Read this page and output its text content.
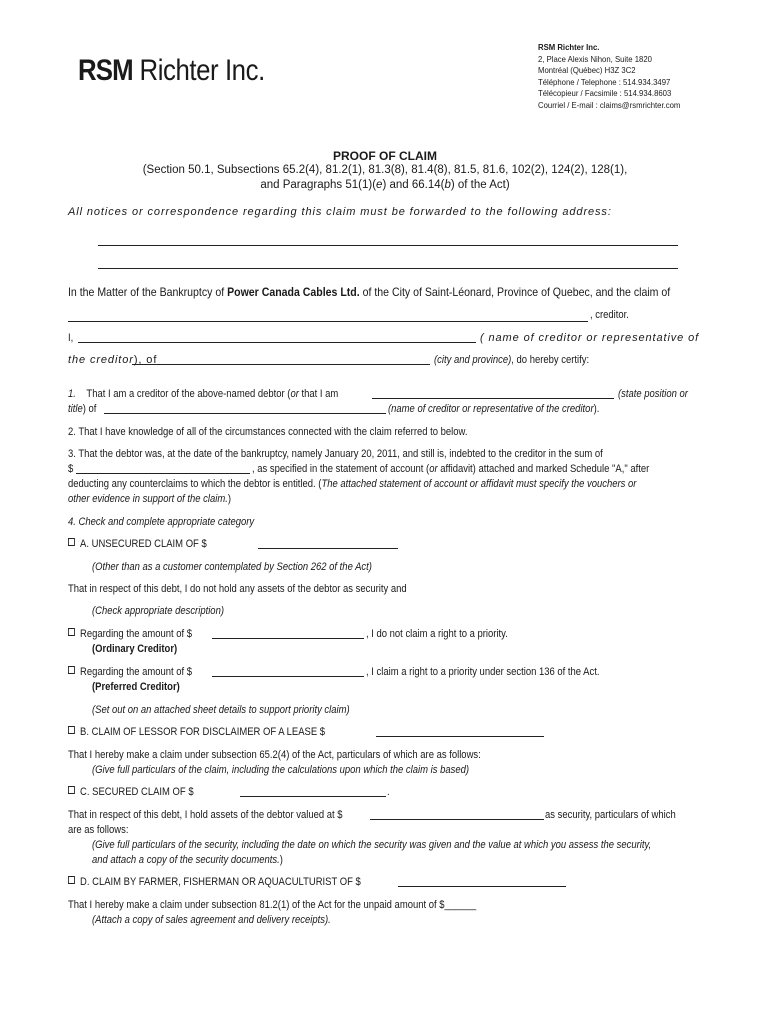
RSM Richter Inc.
RSM Richter Inc.
2, Place Alexis Nihon, Suite 1820
Montréal (Québec) H3Z 3C2
Téléphone / Telephone : 514.934.3497
Télécopieur / Facsimile : 514.934.8603
Courriel / E-mail : claims@rsmrichter.com
PROOF OF CLAIM
(Section 50.1, Subsections 65.2(4), 81.2(1), 81.3(8), 81.4(8), 81.5, 81.6, 102(2), 124(2), 128(1),
and Paragraphs 51(1)(e) and 66.14(b) of the Act)
All notices or correspondence regarding this claim must be forwarded to the following address:
In the Matter of the Bankruptcy of Power Canada Cables Ltd. of the City of Saint-Léonard, Province of Quebec, and the claim of
, creditor.
I,	( name of creditor or representative of
the creditor), of	(city and province), do hereby certify:
1. That I am a creditor of the above-named debtor (or that I am	(state position or
title) of	(name of creditor or representative of the creditor).
2. That I have knowledge of all of the circumstances connected with the claim referred to below.
3. That the debtor was, at the date of the bankruptcy, namely January 20, 2011, and still is, indebted to the creditor in the sum of
$	, as specified in the statement of account (or affidavit) attached and marked Schedule "A," after
deducting any counterclaims to which the debtor is entitled. (The attached statement of account or affidavit must specify the vouchers or
other evidence in support of the claim.)
4. Check and complete appropriate category
A. UNSECURED CLAIM OF $
(Other than as a customer contemplated by Section 262 of the Act)
That in respect of this debt, I do not hold any assets of the debtor as security and
(Check appropriate description)
Regarding the amount of $	, I do not claim a right to a priority.
(Ordinary Creditor)
Regarding the amount of $	, I claim a right to a priority under section 136 of the Act.
(Preferred Creditor)
(Set out on an attached sheet details to support priority claim)
B. CLAIM OF LESSOR FOR DISCLAIMER OF A LEASE $
That I hereby make a claim under subsection 65.2(4) of the Act, particulars of which are as follows:
(Give full particulars of the claim, including the calculations upon which the claim is based)
C. SECURED CLAIM OF $	.
That in respect of this debt, I hold assets of the debtor valued at $	as security, particulars of which
are as follows:
(Give full particulars of the security, including the date on which the security was given and the value at which you assess the security,
and attach a copy of the security documents.)
D. CLAIM BY FARMER, FISHERMAN OR AQUACULTURIST OF $
That I hereby make a claim under subsection 81.2(1) of the Act for the unpaid amount of $______
(Attach a copy of sales agreement and delivery receipts).
